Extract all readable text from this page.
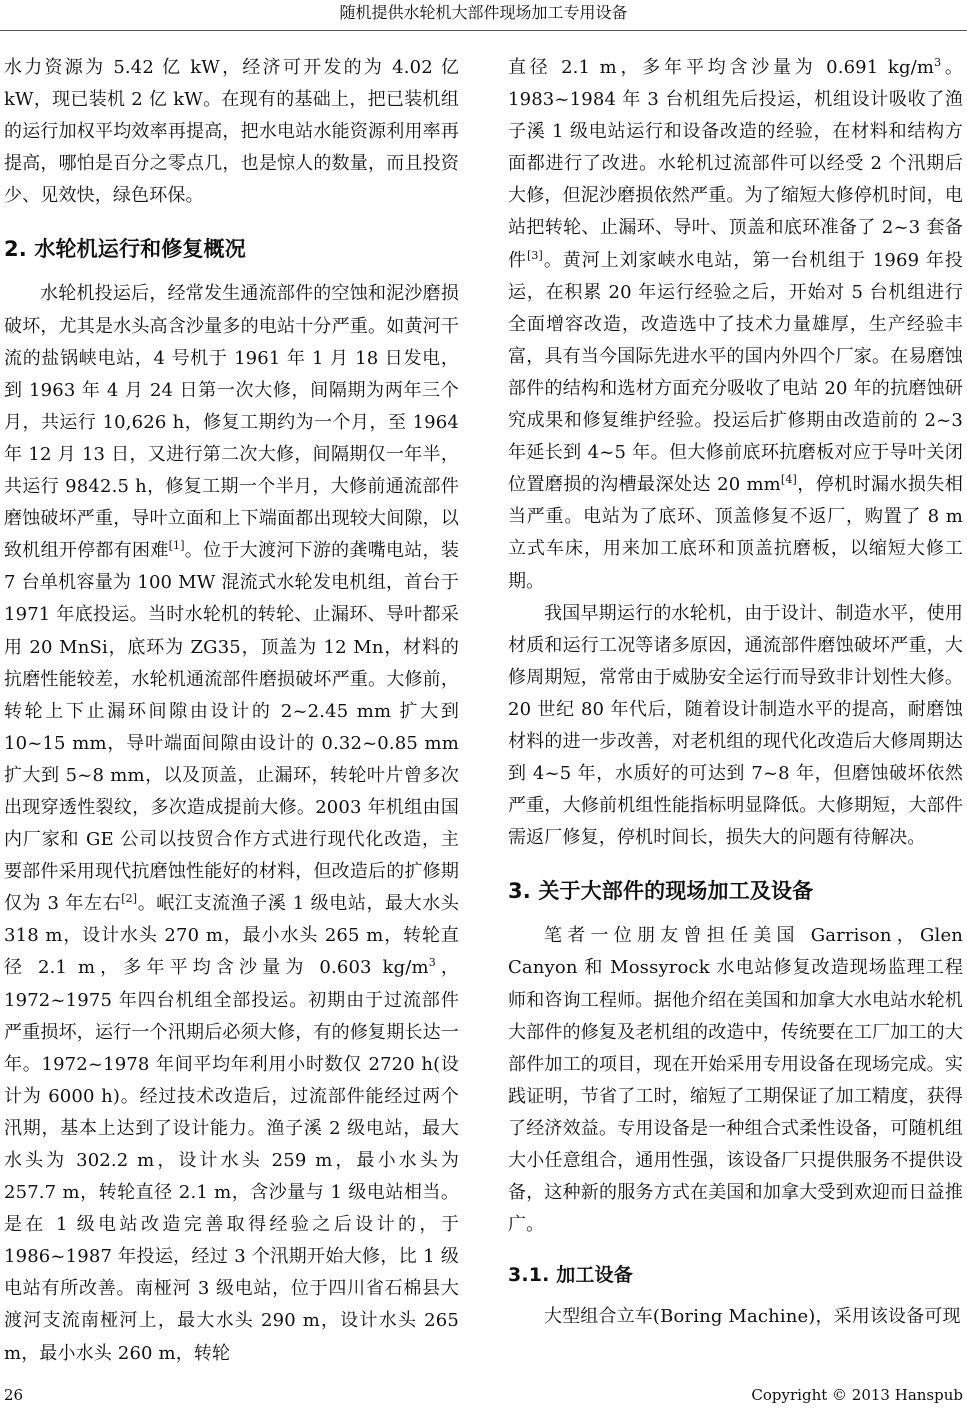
随机提供水轮机大部件现场加工专用设备

水力资源为 5.42 亿 kW，经济可开发的为 4.02 亿 kW，现已装机 2 亿 kW。在现有的基础上，把已装机组的运行加权平均效率再提高，把水电站水能资源利用率再提高，哪怕是百分之零点几，也是惊人的数量，而且投资少、见效快，绿色环保。

2. 水轮机运行和修复概况

水轮机投运后，经常发生通流部件的空蚀和泥沙磨损破坏，尤其是水头高含沙量多的电站十分严重。如黄河干流的盐锅峡电站，4 号机于 1961 年 1 月 18 日发电，到 1963 年 4 月 24 日第一次大修，间隔期为两年三个月，共运行 10,626 h，修复工期约为一个月，至 1964 年 12 月 13 日，又进行第二次大修，间隔期仅一年半，共运行 9842.5 h，修复工期一个半月，大修前通流部件磨蚀破坏严重，导叶立面和上下端面都出现较大间隙，以致机组开停都有困难[1]。位于大渡河下游的龚嘴电站，装 7 台单机容量为 100 MW 混流式水轮发电机组，首台于 1971 年底投运。当时水轮机的转轮、止漏环、导叶都采用 20 MnSi，底环为 ZG35，顶盖为 12 Mn，材料的抗磨性能较差，水轮机通流部件磨损破坏严重。大修前，转轮上下止漏环间隙由设计的 2~2.45 mm 扩大到 10~15 mm，导叶端面间隙由设计的 0.32~0.85 mm 扩大到 5~8 mm，以及顶盖，止漏环，转轮叶片曾多次出现穿透性裂纹，多次造成提前大修。2003 年机组由国内厂家和 GE 公司以技贸合作方式进行现代化改造，主要部件采用现代抗磨蚀性能好的材料，但改造后的扩修期仅为 3 年左右[2]。岷江支流渔子溪 1 级电站，最大水头 318 m，设计水头 270 m，最小水头 265 m，转轮直径 2.1 m，多年平均含沙量为 0.603 $kg/m^3$，1972~1975 年四台机组全部投运。初期由于过流部件严重损坏，运行一个汛期后必须大修，有的修复期长达一年。1972~1978 年间平均年利用小时数仅 2720 h(设计为 6000 h)。经过技术改造后，过流部件能经过两个汛期，基本上达到了设计能力。渔子溪 2 级电站，最大水头为 302.2 m，设计水头 259 m，最小水头为 257.7 m，转轮直径 2.1 m，含沙量与 1 级电站相当。是在 1 级电站改造完善取得经验之后设计的，于 1986~1987 年投运，经过 3 个汛期开始大修，比 1 级电站有所改善。南桠河 3 级电站，位于四川省石棉县大渡河支流南桠河上，最大水头 290 m，设计水头 265 m，最小水头 260 m，转轮

直径 2.1 m，多年平均含沙量为 0.691 $kg/m^3$。1983~1984 年 3 台机组先后投运，机组设计吸收了渔子溪 1 级电站运行和设备改造的经验，在材料和结构方面都进行了改进。水轮机过流部件可以经受 2 个汛期后大修，但泥沙磨损依然严重。为了缩短大修停机时间，电站把转轮、止漏环、导叶、顶盖和底环准备了 2~3 套备件[3]。黄河上刘家峡水电站，第一台机组于 1969 年投运，在积累 20 年运行经验之后，开始对 5 台机组进行全面增容改造，改造选中了技术力量雄厚，生产经验丰富，具有当今国际先进水平的国内外四个厂家。在易磨蚀部件的结构和选材方面充分吸收了电站 20 年的抗磨蚀研究成果和修复维护经验。投运后扩修期由改造前的 2~3 年延长到 4~5 年。但大修前底环抗磨板对应于导叶关闭位置磨损的沟槽最深处达 20 mm[4]，停机时漏水损失相当严重。电站为了底环、顶盖修复不返厂，购置了 8 m 立式车床，用来加工底环和顶盖抗磨板，以缩短大修工期。

我国早期运行的水轮机，由于设计、制造水平，使用材质和运行工况等诸多原因，通流部件磨蚀破坏严重，大修周期短，常常由于威胁安全运行而导致非计划性大修。20 世纪 80 年代后，随着设计制造水平的提高，耐磨蚀材料的进一步改善，对老机组的现代化改造后大修周期达到 4~5 年，水质好的可达到 7~8 年，但磨蚀破坏依然严重，大修前机组性能指标明显降低。大修期短，大部件需返厂修复，停机时间长，损失大的问题有待解决。

3. 关于大部件的现场加工及设备

笔者一位朋友曾担任美国 Garrison，Glen Canyon 和 Mossyrock 水电站修复改造现场监理工程师和咨询工程师。据他介绍在美国和加拿大水电站水轮机大部件的修复及老机组的改造中，传统要在工厂加工的大部件加工的项目，现在开始采用专用设备在现场完成。实践证明，节省了工时，缩短了工期保证了加工精度，获得了经济效益。专用设备是一种组合式柔性设备，可随机组大小任意组合，通用性强，该设备厂只提供服务不提供设备，这种新的服务方式在美国和加拿大受到欢迎而日益推广。

3.1. 加工设备

大型组合立车(Boring Machine)，采用该设备可现

26	Copyright © 2013 Hanspub
